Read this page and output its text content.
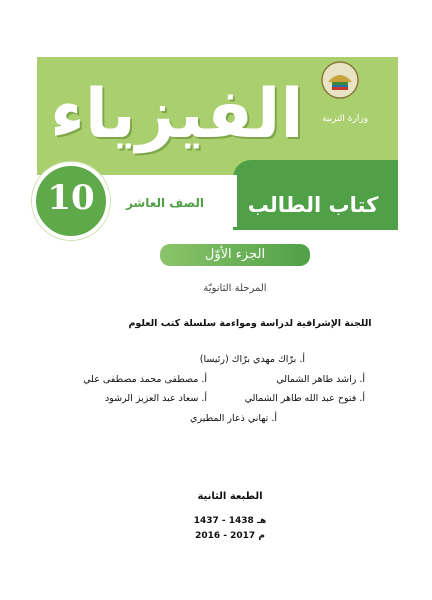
الفيزياء	وزارة التربية
كتاب الطالب
10	الصف العاشر
الجزء الأوّل
المرحلة الثانويّة
اللجنة الإشرافية لدراسة ومواءمة سلسلة كتب العلوم
أ. برّاك مهدي برّاك (رئيسا)
أ. راشد طاهر الشمالي
أ. مصطفى محمد مصطفى علي
أ. فتوح عبد الله طاهر الشمالي
أ. سعاد عبد العزيز الرشود
أ. تهاني ذعار المطيري
الطبعة الثانية
1437 - 1438 هـ
2016 - 2017 م
